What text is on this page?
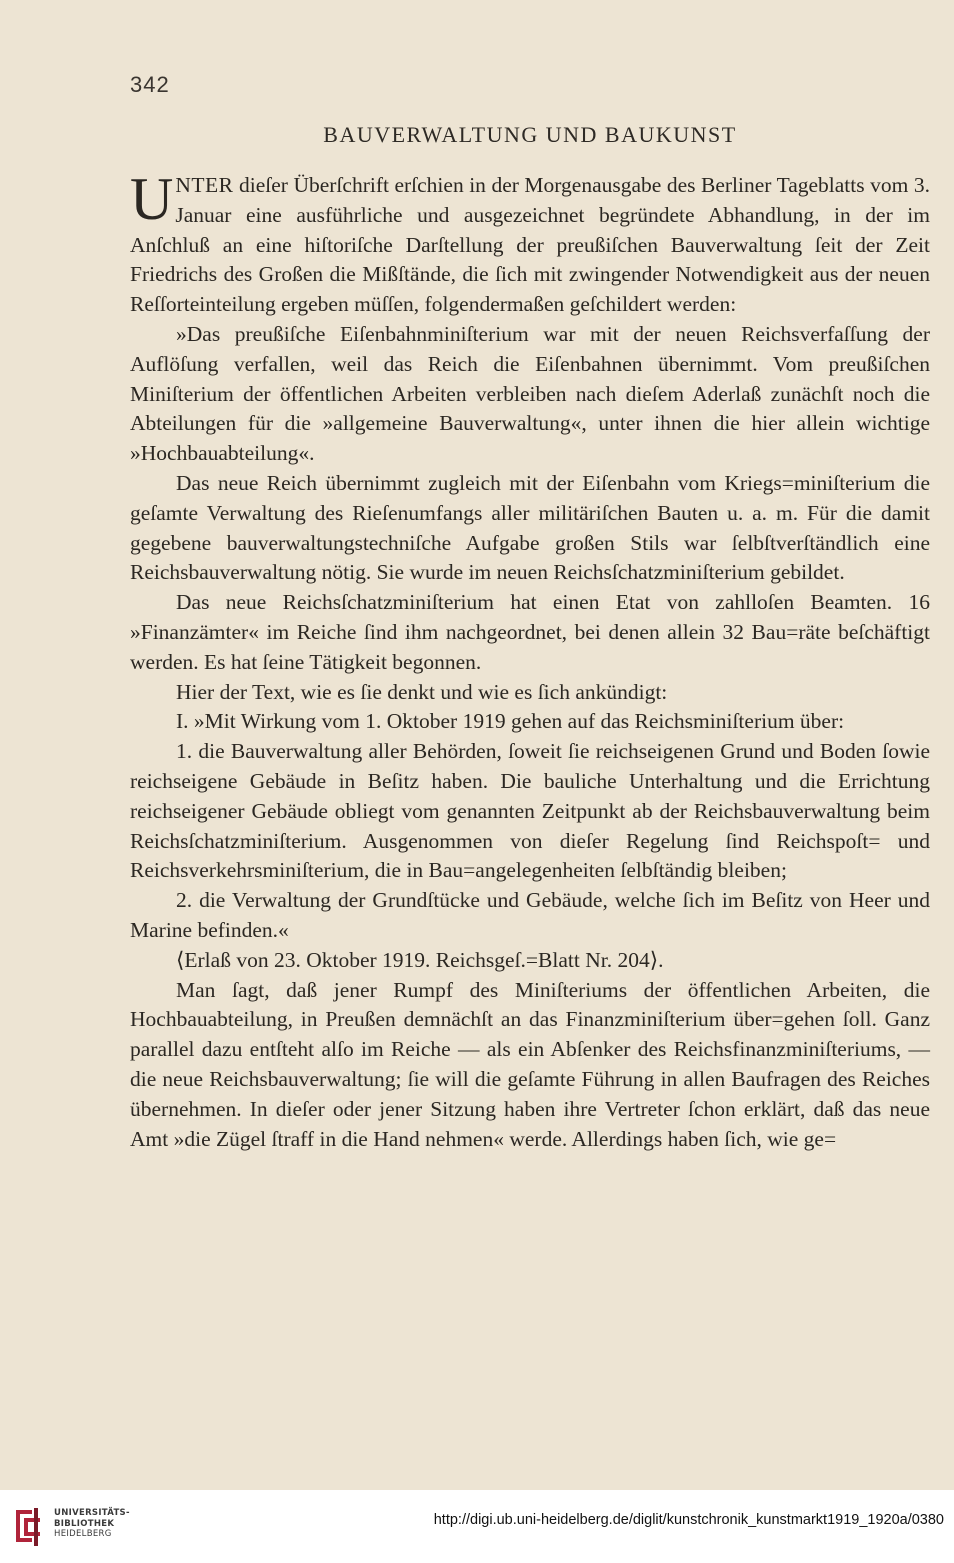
342
BAUVERWALTUNG UND BAUKUNST

UNTER dieſer Überſchrift erſchien in der Morgenausgabe des Berliner Tageblatts vom 3. Januar eine ausführliche und ausgezeichnet begründete Abhandlung, in der im Anſchluß an eine hiſtoriſche Darſtellung der preußiſchen Bauverwaltung ſeit der Zeit Friedrichs des Großen die Mißſtände, die ſich mit zwingender Notwendigkeit aus der neuen Reſſorteinteilung ergeben müſſen, folgendermaßen geſchildert werden:

»Das preußiſche Eiſenbahnminiſterium war mit der neuen Reichsverfaſſung der Auflöſung verfallen, weil das Reich die Eiſenbahnen übernimmt. Vom preußiſchen Miniſterium der öffentlichen Arbeiten verbleiben nach dieſem Aderlaß zunächſt noch die Abteilungen für die »allgemeine Bauverwaltung«, unter ihnen die hier allein wichtige »Hochbauabteilung«.

Das neue Reich übernimmt zugleich mit der Eiſenbahn vom Kriegs=miniſterium die geſamte Verwaltung des Rieſenumfangs aller militäriſchen Bauten u. a. m. Für die damit gegebene bauverwaltungstechniſche Aufgabe großen Stils war ſelbſtverſtändlich eine Reichsbauverwaltung nötig. Sie wurde im neuen Reichsſchatzminiſterium gebildet.

Das neue Reichsſchatzminiſterium hat einen Etat von zahlloſen Beamten. 16 »Finanzämter« im Reiche ſind ihm nachgeordnet, bei denen allein 32 Bau=räte beſchäftigt werden. Es hat ſeine Tätigkeit begonnen.

Hier der Text, wie es ſie denkt und wie es ſich ankündigt:

I. »Mit Wirkung vom 1. Oktober 1919 gehen auf das Reichsminiſterium über:

1. die Bauverwaltung aller Behörden, ſoweit ſie reichseigenen Grund und Boden ſowie reichseigene Gebäude in Beſitz haben. Die bauliche Unterhaltung und die Errichtung reichseigener Gebäude obliegt vom genannten Zeitpunkt ab der Reichsbauverwaltung beim Reichsſchatzminiſterium. Ausgenommen von dieſer Regelung ſind Reichspoſt= und Reichsverkehrsminiſterium, die in Bau=angelegenheiten ſelbſtändig bleiben;

2. die Verwaltung der Grundſtücke und Gebäude, welche ſich im Beſitz von Heer und Marine befinden.«

⟨Erlaß von 23. Oktober 1919. Reichsgeſ.=Blatt Nr. 204⟩.

Man ſagt, daß jener Rumpf des Miniſteriums der öffentlichen Arbeiten, die Hochbauabteilung, in Preußen demnächſt an das Finanzminiſterium über=gehen ſoll. Ganz parallel dazu entſteht alſo im Reiche — als ein Abſenker des Reichsfinanzminiſteriums, — die neue Reichsbauverwaltung; ſie will die geſamte Führung in allen Baufragen des Reiches übernehmen. In dieſer oder jener Sitzung haben ihre Vertreter ſchon erklärt, daß das neue Amt »die Zügel ſtraff in die Hand nehmen« werde. Allerdings haben ſich, wie ge=

UNIVERSITÄTS-
BIBLIOTHEK
HEIDELBERG
http://digi.ub.uni-heidelberg.de/diglit/kunstchronik_kunstmarkt1919_1920a/0380
